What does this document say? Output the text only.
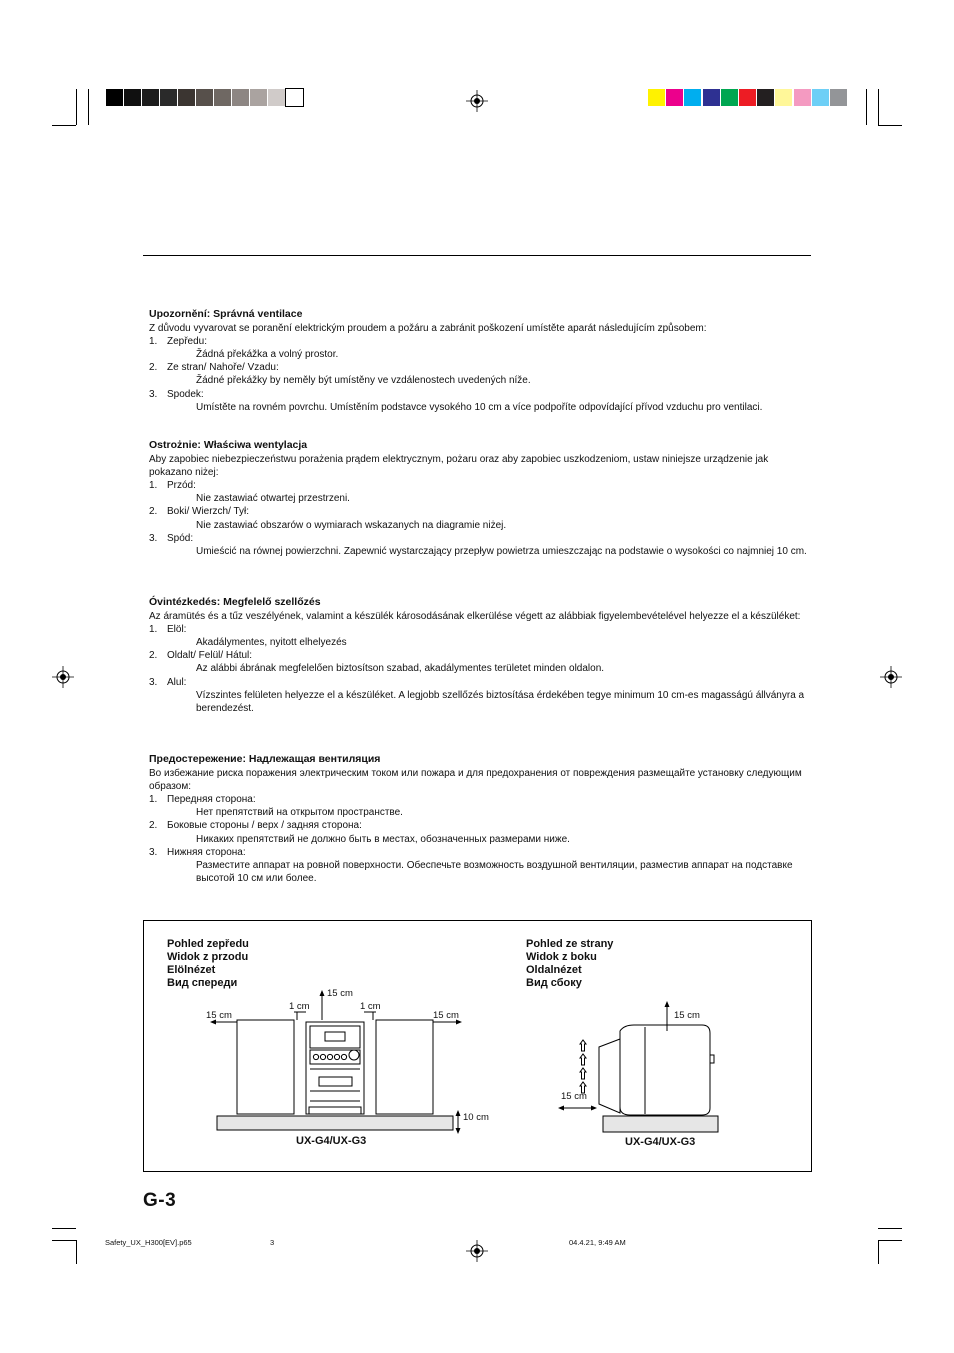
Upozornění: Správná ventilace
Z důvodu vyvarovat se poranění elektrickým proudem a požáru a zabránit poškození umístěte aparát následujícím způsobem:
1. Zepředu:
Žádná překážka a volný prostor.
2. Ze stran/ Nahoře/ Vzadu:
Žádné překážky by neměly být umístěny ve vzdálenostech uvedených níže.
3. Spodek:
Umístěte na rovném povrchu. Umístěním podstavce vysokého 10 cm a více podpoříte odpovídající přívod vzduchu pro ventilaci.
Ostrożnie: Właściwa wentylacja
Aby zapobiec niebezpieczeństwu porażenia prądem elektrycznym, pożaru oraz aby zapobiec uszkodzeniom, ustaw niniejsze urządzenie jak pokazano niżej:
1. Przód:
Nie zastawiać otwartej przestrzeni.
2. Boki/ Wierzch/ Tył:
Nie zastawiać obszarów o wymiarach wskazanych na diagramie niżej.
3. Spód:
Umieścić na równej powierzchni. Zapewnić wystarczający przepływ powietrza umieszczając na podstawie o wysokości co najmniej 10 cm.
Óvintézkedés: Megfelelő szellőzés
Az áramütés és a tűz veszélyének, valamint a készülék károsodásának elkerülése végett az alábbiak figyelembevételével helyezze el a készüléket:
1. Elöl:
Akadálymentes, nyitott elhelyezés
2. Oldalt/ Felül/ Hátul:
Az alábbi ábrának megfelelően biztosítson szabad, akadálymentes területet minden oldalon.
3. Alul:
Vízszintes felületen helyezze el a készüléket. A legjobb szellőzés biztosítása érdekében tegye minimum 10 cm-es magasságú állványra a berendezést.
Предостережение: Надлежащая вентиляция
Во избежание риска поражения электрическим током или пожара и для предохранения от повреждения размещайте установку следующим образом:
1. Передняя сторона:
Нет препятствий на открытом пространстве.
2. Боковые стороны / верх / задняя сторона:
Никаких препятствий не должно быть в местах, обозначенных размерами ниже.
3. Нижняя сторона:
Разместите аппарат на ровной поверхности. Обеспечьте возможность воздушной вентиляции, разместив аппарат на подставке высотой 10 см или более.
Pohled zepředu
Widok z przodu
Elölnézet
Вид спереди
Pohled ze strany
Widok z boku
Oldalnézet
Вид сбоку
15 cm
1 cm
15 cm
1 cm
15 cm
10 cm
UX-G4/UX-G3
15 cm
15 cm
UX-G4/UX-G3
G-3
Safety_UX_H300[EV].p65	3	04.4.21, 9:49 AM
